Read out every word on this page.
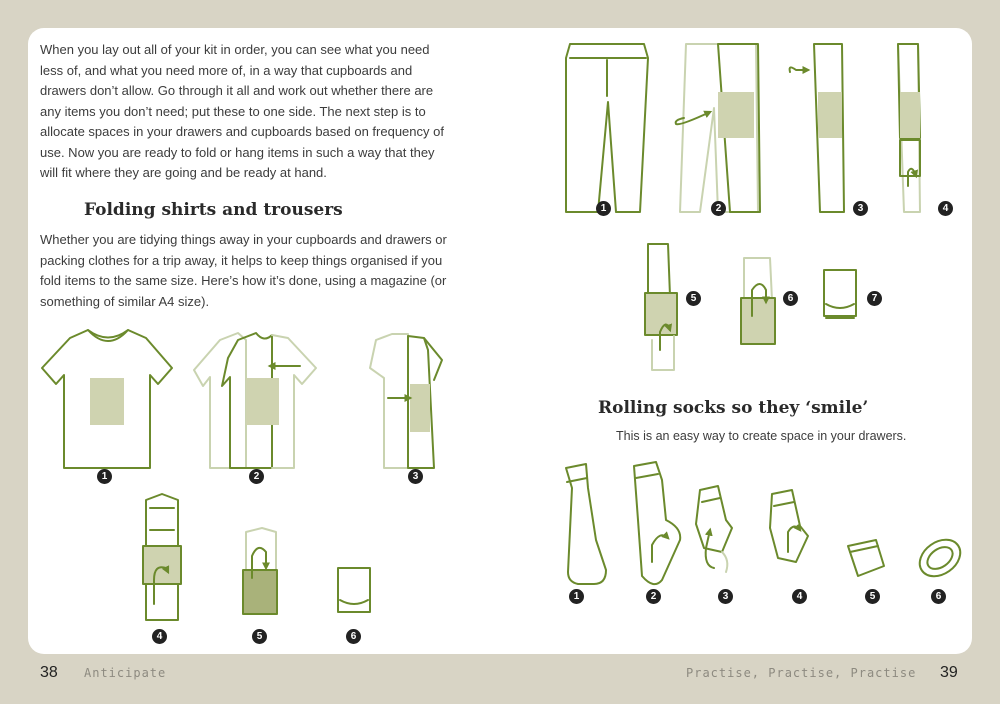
When you lay out all of your kit in order, you can see what you need less of, and what you need more of, in a way that cupboards and drawers don’t allow. Go through it all and work out whether there are any items you don’t need; put these to one side. The next step is to allocate spaces in your drawers and cupboards based on frequency of use. Now you are ready to fold or hang items in such a way that they will fit where they are going and be ready at hand.

Folding shirts and trousers

Whether you are tidying things away in your cupboards and drawers or packing clothes for a trip away, it helps to keep things organised if you fold items to the same size. Here’s how it’s done, using a magazine (or something of similar A4 size).

Rolling socks so they ‘smile’

This is an easy way to create space in your drawers.

1	2	3
4	5	6
1	2	3	4
5	6	7
1	2	3	4	5	6
38 Anticipate	Practise, Practise, Practise 39
